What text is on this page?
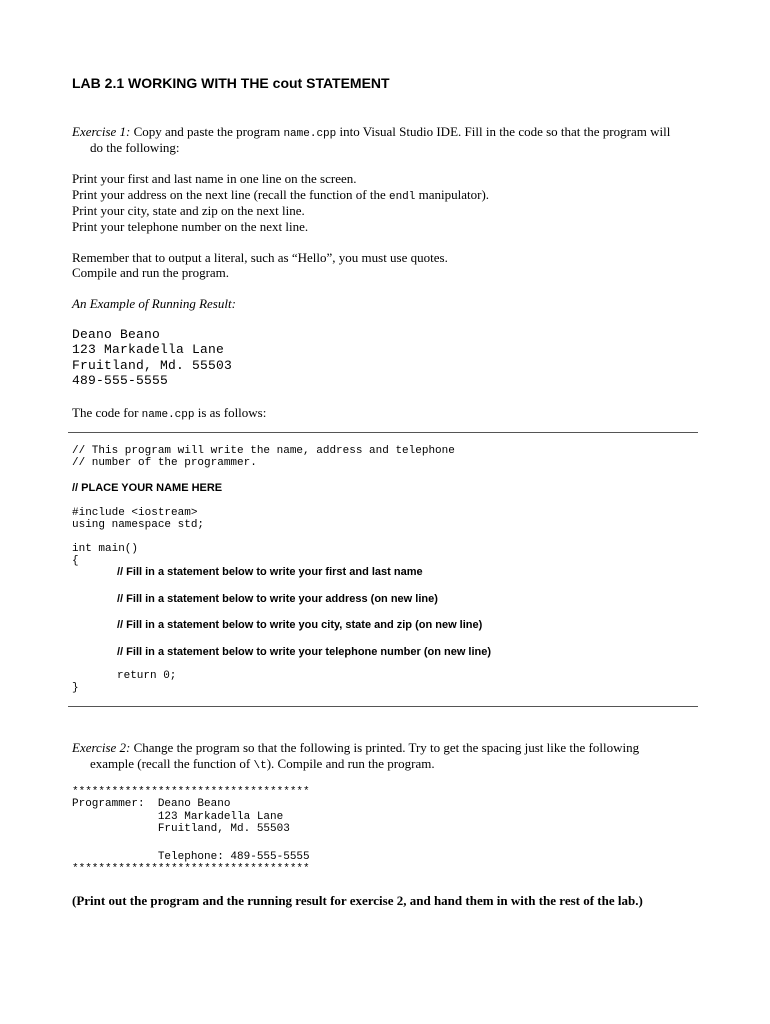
LAB 2.1 WORKING WITH THE cout STATEMENT
Exercise 1: Copy and paste the program name.cpp into Visual Studio IDE. Fill in the code so that the program will
do the following:
Print your first and last name in one line on the screen.
Print your address on the next line (recall the function of the endl manipulator).
Print your city, state and zip on the next line.
Print your telephone number on the next line.
Remember that to output a literal, such as “Hello”, you must use quotes.
Compile and run the program.
An Example of Running Result:
Deano Beano
123 Markadella Lane
Fruitland, Md. 55503
489-555-5555
The code for name.cpp is as follows:
// This program will write the name, address and telephone
// number of the programmer.
// PLACE YOUR NAME HERE
#include <iostream>
using namespace std;
int main()
{
// Fill in a statement below to write your first and last name
// Fill in a statement below to write your address (on new line)
// Fill in a statement below to write you city, state and zip (on new line)
// Fill in a statement below to write your telephone number (on new line)
return 0;
}
Exercise 2: Change the program so that the following is printed. Try to get the spacing just like the following
example (recall the function of \t). Compile and run the program.
************************************
Programmer:  Deano Beano
123 Markadella Lane
Fruitland, Md. 55503
Telephone: 489-555-5555
************************************
(Print out the program and the running result for exercise 2, and hand them in with the rest of the lab.)
